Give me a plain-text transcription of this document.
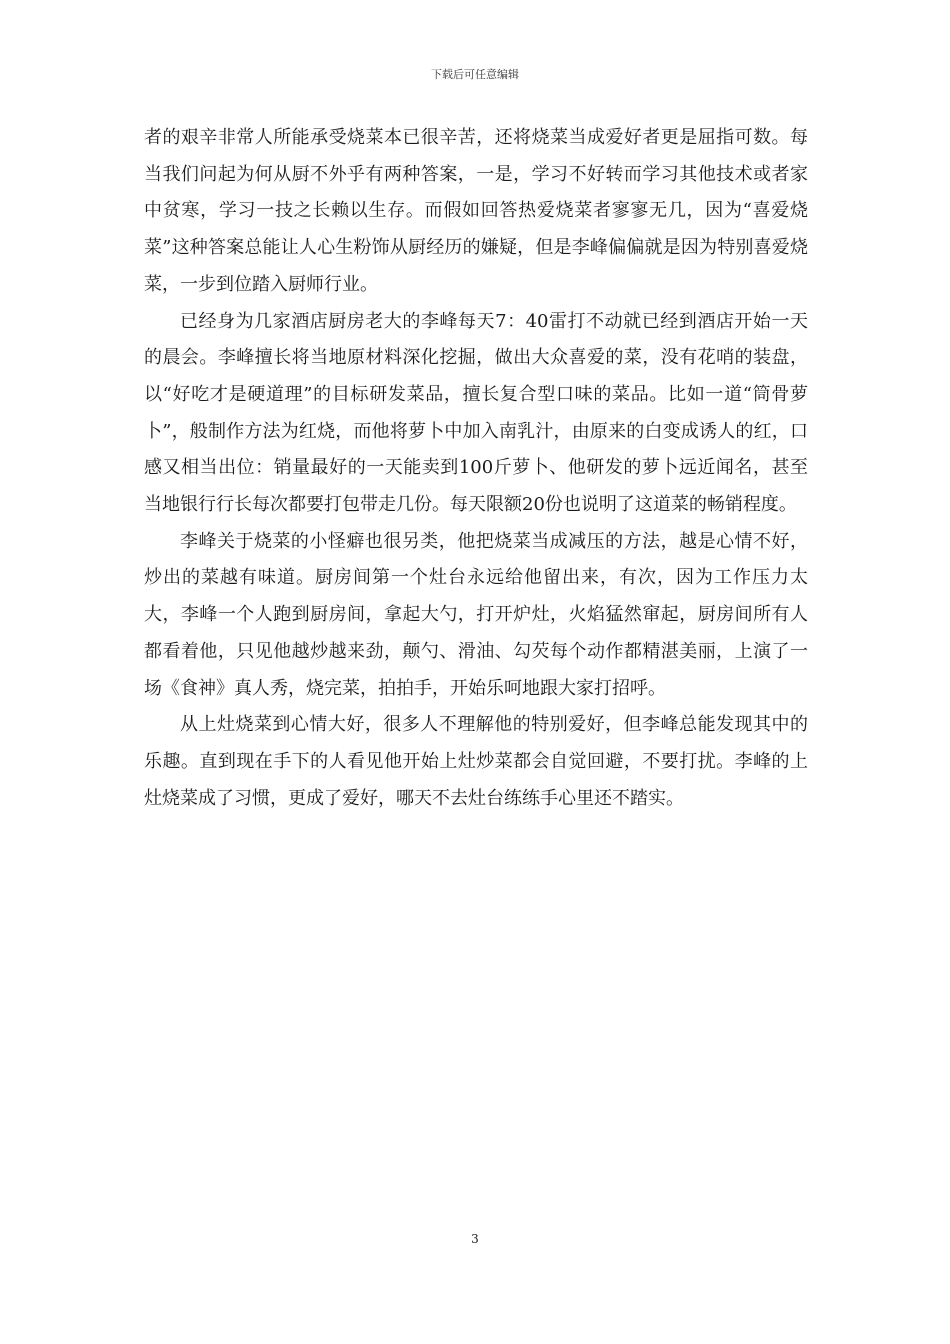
下载后可任意编辑

者的艰辛非常人所能承受烧菜本已很辛苦，还将烧菜当成爱好者更是屈指可数。每当我们问起为何从厨不外乎有两种答案，一是，学习不好转而学习其他技术或者家中贫寒，学习一技之长赖以生存。而假如回答热爱烧菜者寥寥无几，因为“喜爱烧菜”这种答案总能让人心生粉饰从厨经历的嫌疑，但是李峰偏偏就是因为特别喜爱烧菜，一步到位踏入厨师行业。

已经身为几家酒店厨房老大的李峰每天7：40雷打不动就已经到酒店开始一天的晨会。李峰擅长将当地原材料深化挖掘，做出大众喜爱的菜，没有花哨的装盘，以“好吃才是硬道理”的目标研发菜品，擅长复合型口味的菜品。比如一道“筒骨萝卜”，般制作方法为红烧，而他将萝卜中加入南乳汁，由原来的白变成诱人的红，口感又相当出位：销量最好的一天能卖到100斤萝卜、他研发的萝卜远近闻名，甚至当地银行行长每次都要打包带走几份。每天限额20份也说明了这道菜的畅销程度。

李峰关于烧菜的小怪癖也很另类，他把烧菜当成减压的方法，越是心情不好，炒出的菜越有味道。厨房间第一个灶台永远给他留出来，有次，因为工作压力太大，李峰一个人跑到厨房间，拿起大勺，打开炉灶，火焰猛然窜起，厨房间所有人都看着他，只见他越炒越来劲，颠勺、滑油、勾芡每个动作都精湛美丽，上演了一场《食神》真人秀，烧完菜，拍拍手，开始乐呵地跟大家打招呼。

从上灶烧菜到心情大好，很多人不理解他的特别爱好，但李峰总能发现其中的乐趣。直到现在手下的人看见他开始上灶炒菜都会自觉回避，不要打扰。李峰的上灶烧菜成了习惯，更成了爱好，哪天不去灶台练练手心里还不踏实。

3
